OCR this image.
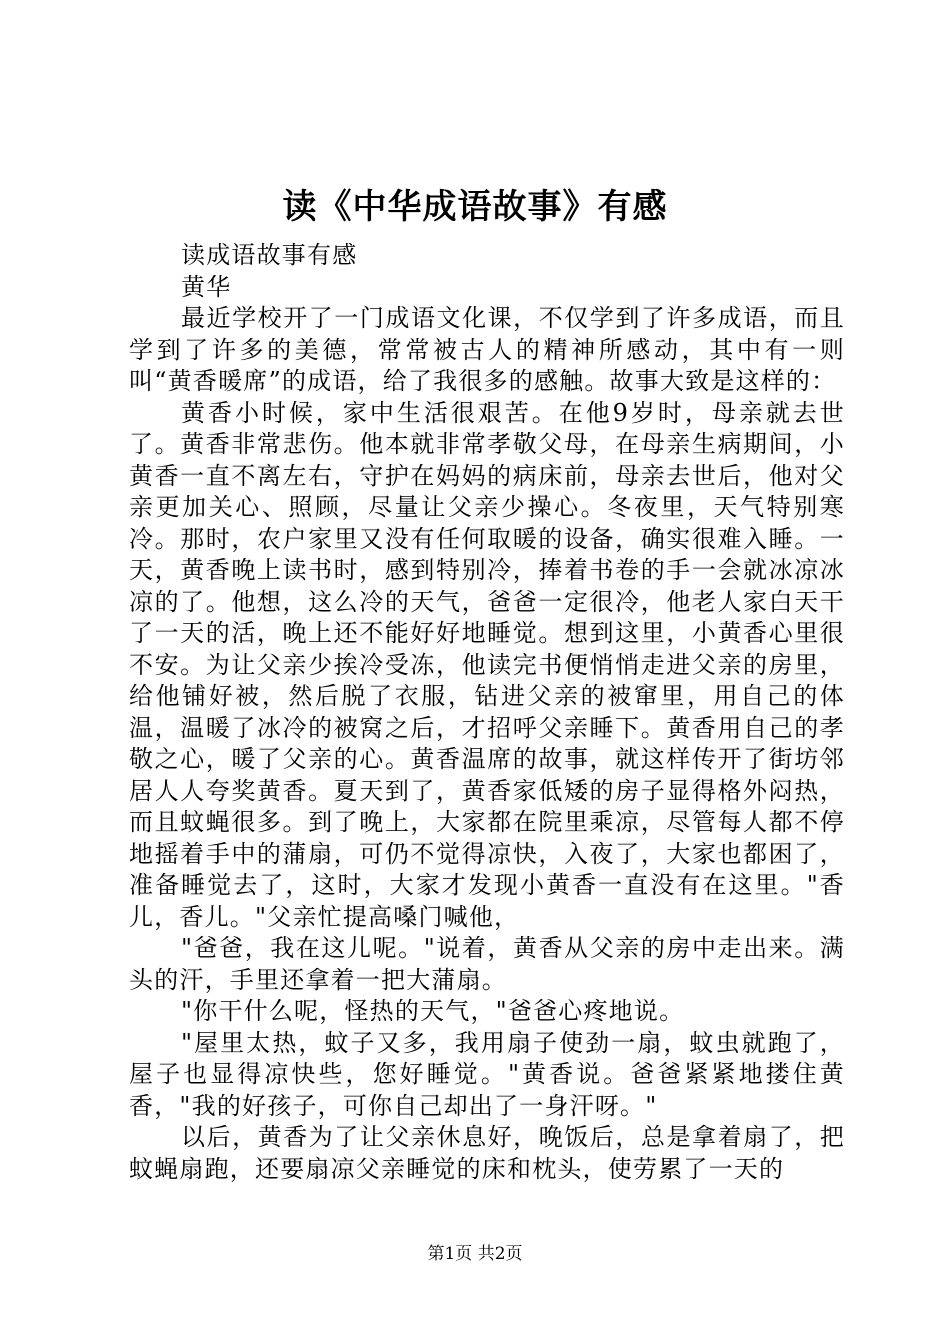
读《中华成语故事》有感

读成语故事有感

黄华

最近学校开了一门成语文化课，不仅学到了许多成语，而且学到了许多的美德，常常被古人的精神所感动，其中有一则叫“黄香暖席”的成语，给了我很多的感触。故事大致是这样的：

黄香小时候，家中生活很艰苦。在他9岁时，母亲就去世了。黄香非常悲伤。他本就非常孝敬父母，在母亲生病期间，小黄香一直不离左右，守护在妈妈的病床前，母亲去世后，他对父亲更加关心、照顾，尽量让父亲少操心。冬夜里，天气特别寒冷。那时，农户家里又没有任何取暖的设备，确实很难入睡。一天，黄香晚上读书时，感到特别冷，捧着书卷的手一会就冰凉冰凉的了。他想，这么冷的天气，爸爸一定很冷，他老人家白天干了一天的活，晚上还不能好好地睡觉。想到这里，小黄香心里很不安。为让父亲少挨冷受冻，他读完书便悄悄走进父亲的房里，给他铺好被，然后脱了衣服，钻进父亲的被窜里，用自己的体温，温暖了冰冷的被窝之后，才招呼父亲睡下。黄香用自己的孝敬之心，暖了父亲的心。黄香温席的故事，就这样传开了街坊邻居人人夸奖黄香。夏天到了，黄香家低矮的房子显得格外闷热，而且蚊蝇很多。到了晚上，大家都在院里乘凉，尽管每人都不停地摇着手中的蒲扇，可仍不觉得凉快，入夜了，大家也都困了，准备睡觉去了，这时，大家才发现小黄香一直没有在这里。"香儿，香儿。"父亲忙提高嗓门喊他，

"爸爸，我在这儿呢。"说着，黄香从父亲的房中走出来。满头的汗，手里还拿着一把大蒲扇。

"你干什么呢，怪热的天气，"爸爸心疼地说。

"屋里太热，蚊子又多，我用扇子使劲一扇，蚊虫就跑了，屋子也显得凉快些，您好睡觉。"黄香说。爸爸紧紧地搂住黄香，"我的好孩子，可你自己却出了一身汗呀。"

以后，黄香为了让父亲休息好，晚饭后，总是拿着扇了，把蚊蝇扇跑，还要扇凉父亲睡觉的床和枕头，使劳累了一天的

第1页 共2页
